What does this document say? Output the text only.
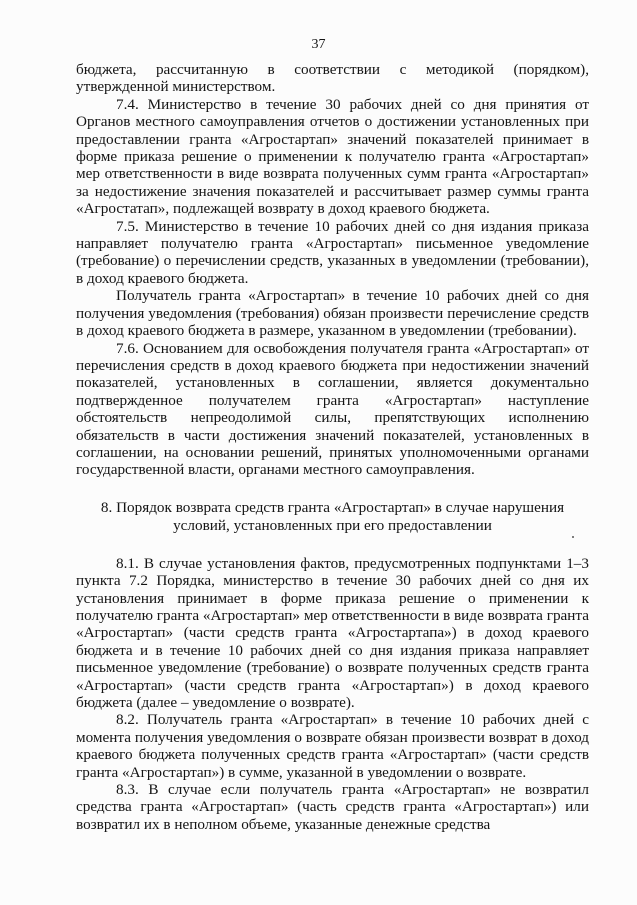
37

бюджета, рассчитанную в соответствии с методикой (порядком), утвержденной министерством.

7.4. Министерство в течение 30 рабочих дней со дня принятия от Органов местного самоуправления отчетов о достижении установленных при предоставлении гранта «Агростартап» значений показателей принимает в форме приказа решение о применении к получателю гранта «Агростартап» мер ответственности в виде возврата полученных сумм гранта «Агростартап» за недостижение значения показателей и рассчитывает размер суммы гранта «Агростатап», подлежащей возврату в доход краевого бюджета.

7.5. Министерство в течение 10 рабочих дней со дня издания приказа направляет получателю гранта «Агростартап» письменное уведомление (требование) о перечислении средств, указанных в уведомлении (требовании), в доход краевого бюджета.

Получатель гранта «Агростартап» в течение 10 рабочих дней со дня получения уведомления (требования) обязан произвести перечисление средств в доход краевого бюджета в размере, указанном в уведомлении (требовании).

7.6. Основанием для освобождения получателя гранта «Агростартап» от перечисления средств в доход краевого бюджета при недостижении значений показателей, установленных в соглашении, является документально подтвержденное получателем гранта «Агростартап» наступление обстоятельств непреодолимой силы, препятствующих исполнению обязательств в части достижения значений показателей, установленных в соглашении, на основании решений, принятых уполномоченными органами государственной власти, органами местного самоуправления.

8. Порядок возврата средств гранта «Агростартап» в случае нарушения
условий, установленных при его предоставлении

8.1. В случае установления фактов, предусмотренных подпунктами 1–3 пункта 7.2 Порядка, министерство в течение 30 рабочих дней со дня их установления принимает в форме приказа решение о применении к получателю гранта «Агростартап» мер ответственности в виде возврата гранта «Агростартап» (части средств гранта «Агростартапа») в доход краевого бюджета и в течение 10 рабочих дней со дня издания приказа направляет письменное уведомление (требование) о возврате полученных средств гранта «Агростартап» (части средств гранта «Агростартап») в доход краевого бюджета (далее – уведомление о возврате).

8.2. Получатель гранта «Агростартап» в течение 10 рабочих дней с момента получения уведомления о возврате обязан произвести возврат в доход краевого бюджета полученных средств гранта «Агростартап» (части средств гранта «Агростартап») в сумме, указанной в уведомлении о возврате.

8.3. В случае если получатель гранта «Агростартап» не возвратил средства гранта «Агростартап» (часть средств гранта «Агростартап») или возвратил их в неполном объеме, указанные денежные средства
